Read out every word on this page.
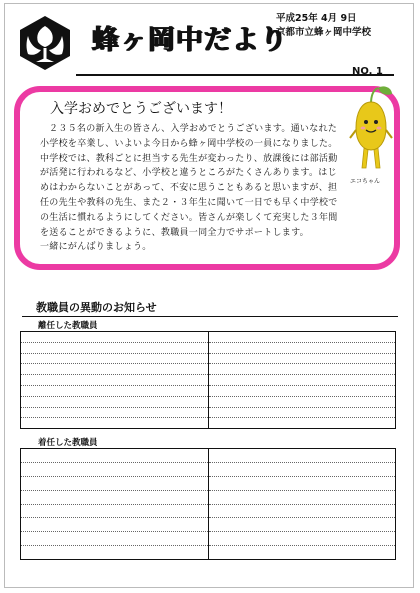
蜂ヶ岡中だより
平成25年 4月 9日
京都市立蜂ヶ岡中学校
NO. 1
入学おめでとうございます！
２３５名の新入生の皆さん、入学おめでとうございます。通いなれた小学校を卒業し、いよいよ今日から蜂ヶ岡中学校の一員になりました。中学校では、教科ごとに担当する先生が変わったり、放課後には部活動が活発に行われるなど、小学校と違うところがたくさんあります。はじめはわからないことがあって、不安に思うこともあると思いますが、担任の先生や教科の先生、また２・３年生に聞いて一日でも早く中学校での生活に慣れるようにしてください。皆さんが楽しくて充実した３年間を送ることができるように、教職員一同全力でサポートします。
一緒にがんばりましょう。
エコちゃん
教職員の異動のお知らせ
離任した教職員
着任した教職員
